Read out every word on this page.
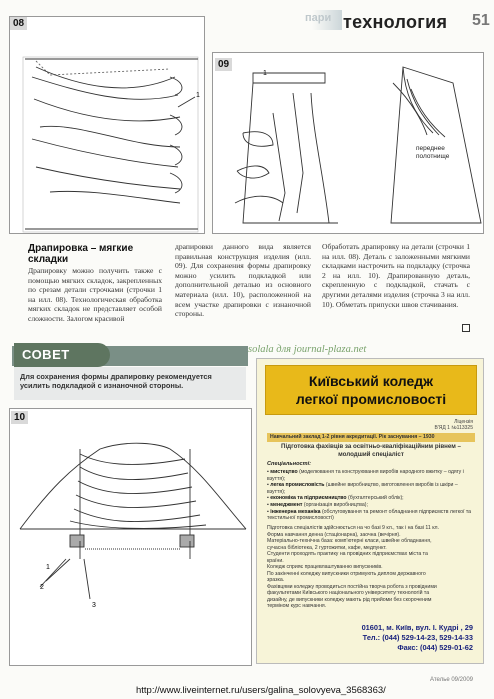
пари технология 51
08
1
09
1
переднее
полотнище
Драпировка – мягкие складки
Драпировку можно получить также с помощью мягких складок, закрепленных по срезам детали строчками (строчки 1 на илл. 08). Технологическая обработка мягких складок не представляет особой сложности. Залогом красивой
драпировки данного вида является правильная конструкция изделия (илл. 09). Для сохранения формы драпировку можно усилить подкладкой или дополнительной деталью из основного материала (илл. 10), расположенной на всем участке драпировки с изнаночной стороны.
Обработать драпировку на детали (строчки 1 на илл. 08). Деталь с заложенными мягкими складками настрочить на подкладку (строчка 2 на илл. 10). Драпированную деталь, скрепленную с подкладкой, стачать с другими деталями изделия (строчка 3 на илл. 10). Обметать припуски швов стачивания.
СОВЕТ
Для сохранения формы драпировку рекомендуется усилить подкладкой с изнаночной стороны.
solala для journal-plaza.net
10
1
2
3
Київський коледж
легкої промисловості
Ліцензія
В'ЯД 1 №113325
Навчальний заклад 1-2 рівня акредитації. Рік заснування – 1930
Підготовка фахівців за освітньо-кваліфікаційним рівнем – молодший спеціаліст
Спеціальності:
▪ мистецтво (моделювання та конструювання виробів народного вжитку – одягу і взуття);
▪ легка промисловість (швейне виробництво, виготовлення виробів із шкіри – взуття);
▪ економіка та підприємництво (бухгалтерський облік);
▪ менеджмент (організація виробництва);
▪ інженерна механіка (обслуговування та ремонт обладнання підприємств легкої та текстильної промисловості)
Підготовка спеціалістів здійснюється на чо базі 9 кл., так і на базі 11 кл.
Форма навчання денна (стаціонарна), заочна (вечірня).
Матеріально-технічна база: комп'ютерні класи, швейне обладнання,
сучасна бібліотека, 2 гуртожитки, кафе, медпункт.
Студенти проходять практику на провідних підприємствах міста та
країни.
Коледж сприяє працевлаштуванню випускників.
По закінченні коледжу випускники отримують диплом державного
зразка.
Фахівцями коледжу проводиться постійна творча робота з провідними
факультетами Київського національного університету технологій та
дизайну, де випускники коледжу мають рід прийоми без скороченим
терміном курс навчання.
01601, м. Київ, вул. І. Кудрі , 29
Тел.: (044) 529-14-23, 529-14-33
Факс: (044) 529-01-62
Ателье 09/2009
http://www.liveinternet.ru/users/galina_solovyeva_3568363/
